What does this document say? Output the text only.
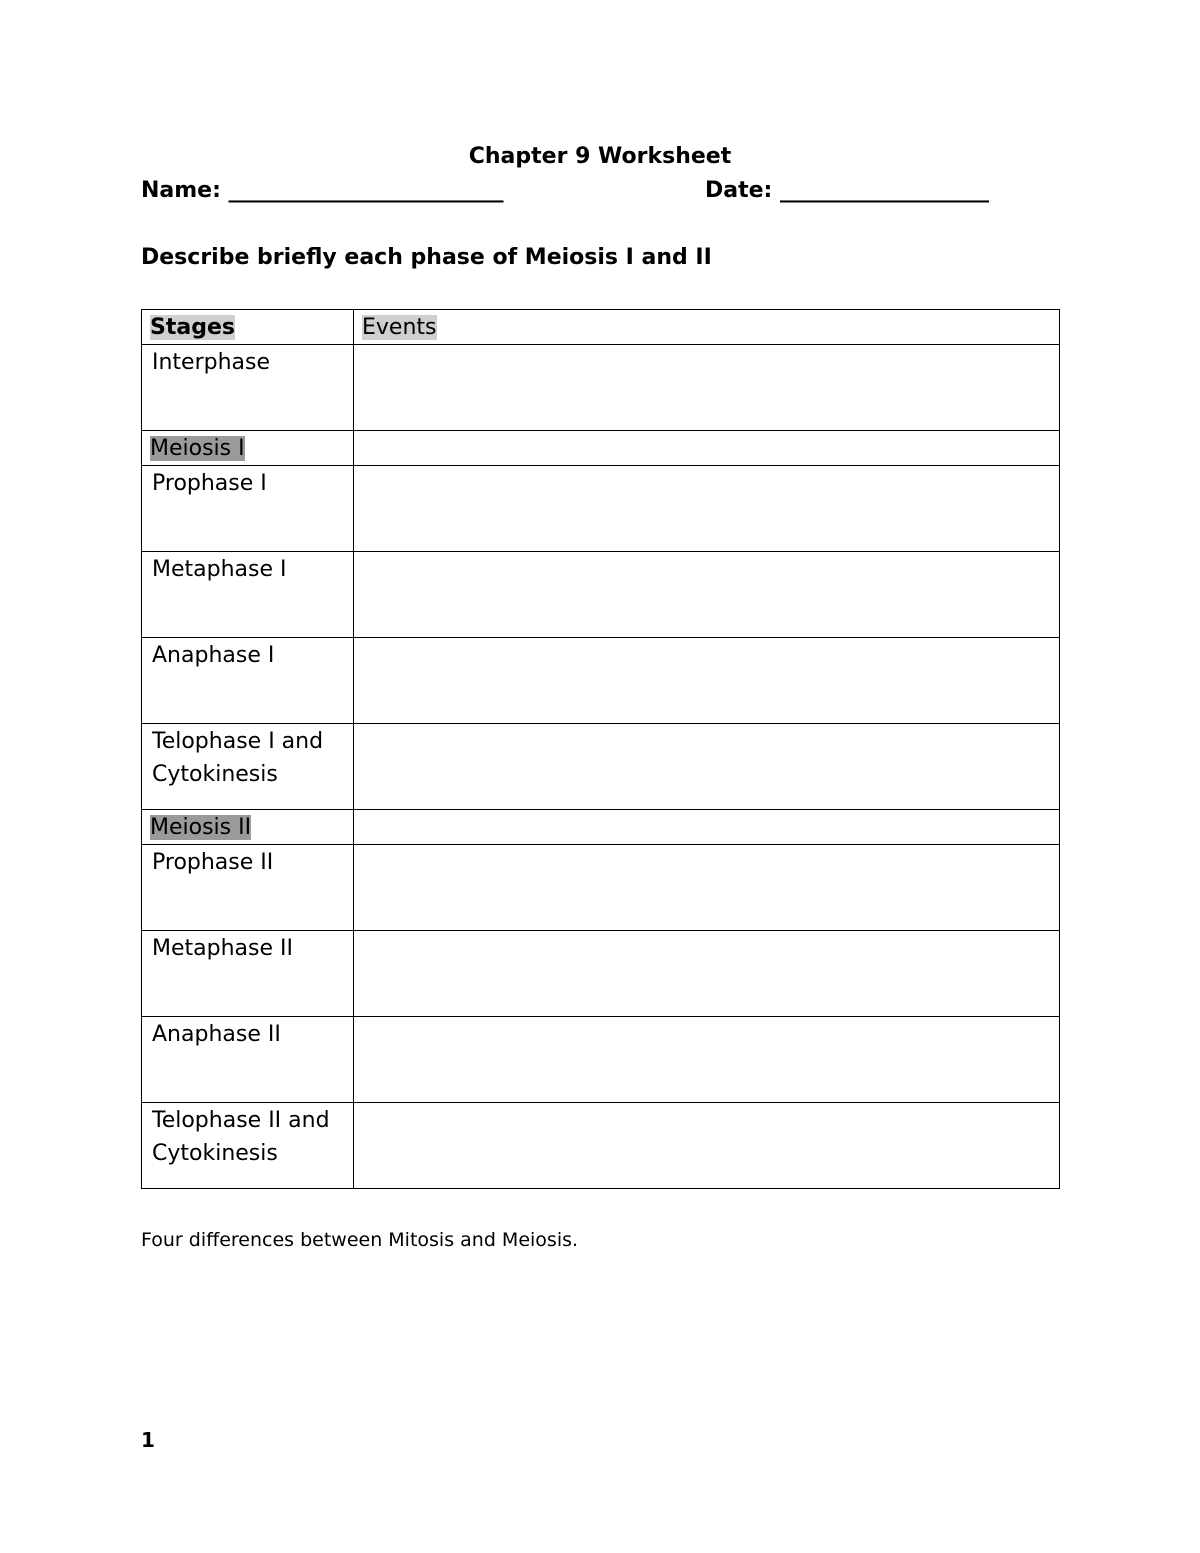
Chapter 9 Worksheet
Name: _________________________	Date: ___________________
Describe briefly each phase of Meiosis I and II
Stages	Events
Interphase	
Meiosis I	
Prophase I	
Metaphase I	
Anaphase I	
Telophase I and Cytokinesis	
Meiosis II	
Prophase II	
Metaphase II	
Anaphase II	
Telophase II and Cytokinesis	
Four differences between Mitosis and Meiosis.
1
